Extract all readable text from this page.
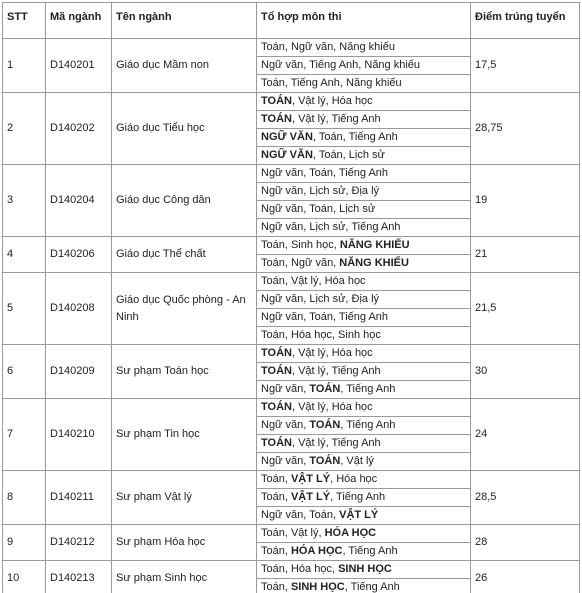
STT	Mã ngành	Tên ngành	Tổ hợp môn thi	Điểm trúng tuyển
1	D140201	Giáo dục Mầm non	Toán, Ngữ văn, Năng khiếu	17,5
			Ngữ văn, Tiếng Anh, Năng khiếu	
			Toán, Tiếng Anh, Năng khiếu	
2	D140202	Giáo dục Tiểu học	TOÁN, Vật lý, Hóa học	28,75
			TOÁN, Vật lý, Tiếng Anh	
			NGỮ VĂN, Toán, Tiếng Anh	
			NGỮ VĂN, Toán, Lịch sử	
3	D140204	Giáo dục Công dân	Ngữ văn, Toán, Tiếng Anh	19
			Ngữ văn, Lịch sử, Địa lý	
			Ngữ văn, Toán, Lịch sử	
			Ngữ văn, Lịch sử, Tiếng Anh	
4	D140206	Giáo dục Thể chất	Toán, Sinh học, NĂNG KHIẾU	21
			Toán, Ngữ văn, NĂNG KHIẾU	
5	D140208	Giáo dục Quốc phòng - An Ninh	Toán, Vật lý, Hóa học	21,5
			Ngữ văn, Lịch sử, Địa lý	
			Ngữ văn, Toán, Tiếng Anh	
			Toán, Hóa học, Sinh học	
6	D140209	Sư phạm Toán học	TOÁN, Vật lý, Hóa học	30
			TOÁN, Vật lý, Tiếng Anh	
			Ngữ văn, TOÁN, Tiếng Anh	
7	D140210	Sư phạm Tin học	TOÁN, Vật lý, Hóa học	24
			Ngữ văn, TOÁN, Tiếng Anh	
			TOÁN, Vật lý, Tiếng Anh	
			Ngữ văn, TOÁN, Vật lý	
8	D140211	Sư phạm Vật lý	Toán, VẬT LÝ, Hóa học	28,5
			Toán, VẬT LÝ, Tiếng Anh	
			Ngữ văn, Toán, VẬT LÝ	
9	D140212	Sư phạm Hóa học	Toán, Vật lý, HÓA HỌC	28
			Toán, HÓA HỌC, Tiếng Anh	
10	D140213	Sư phạm Sinh học	Toán, Hóa học, SINH HỌC	26
			Toán, SINH HỌC, Tiếng Anh	
